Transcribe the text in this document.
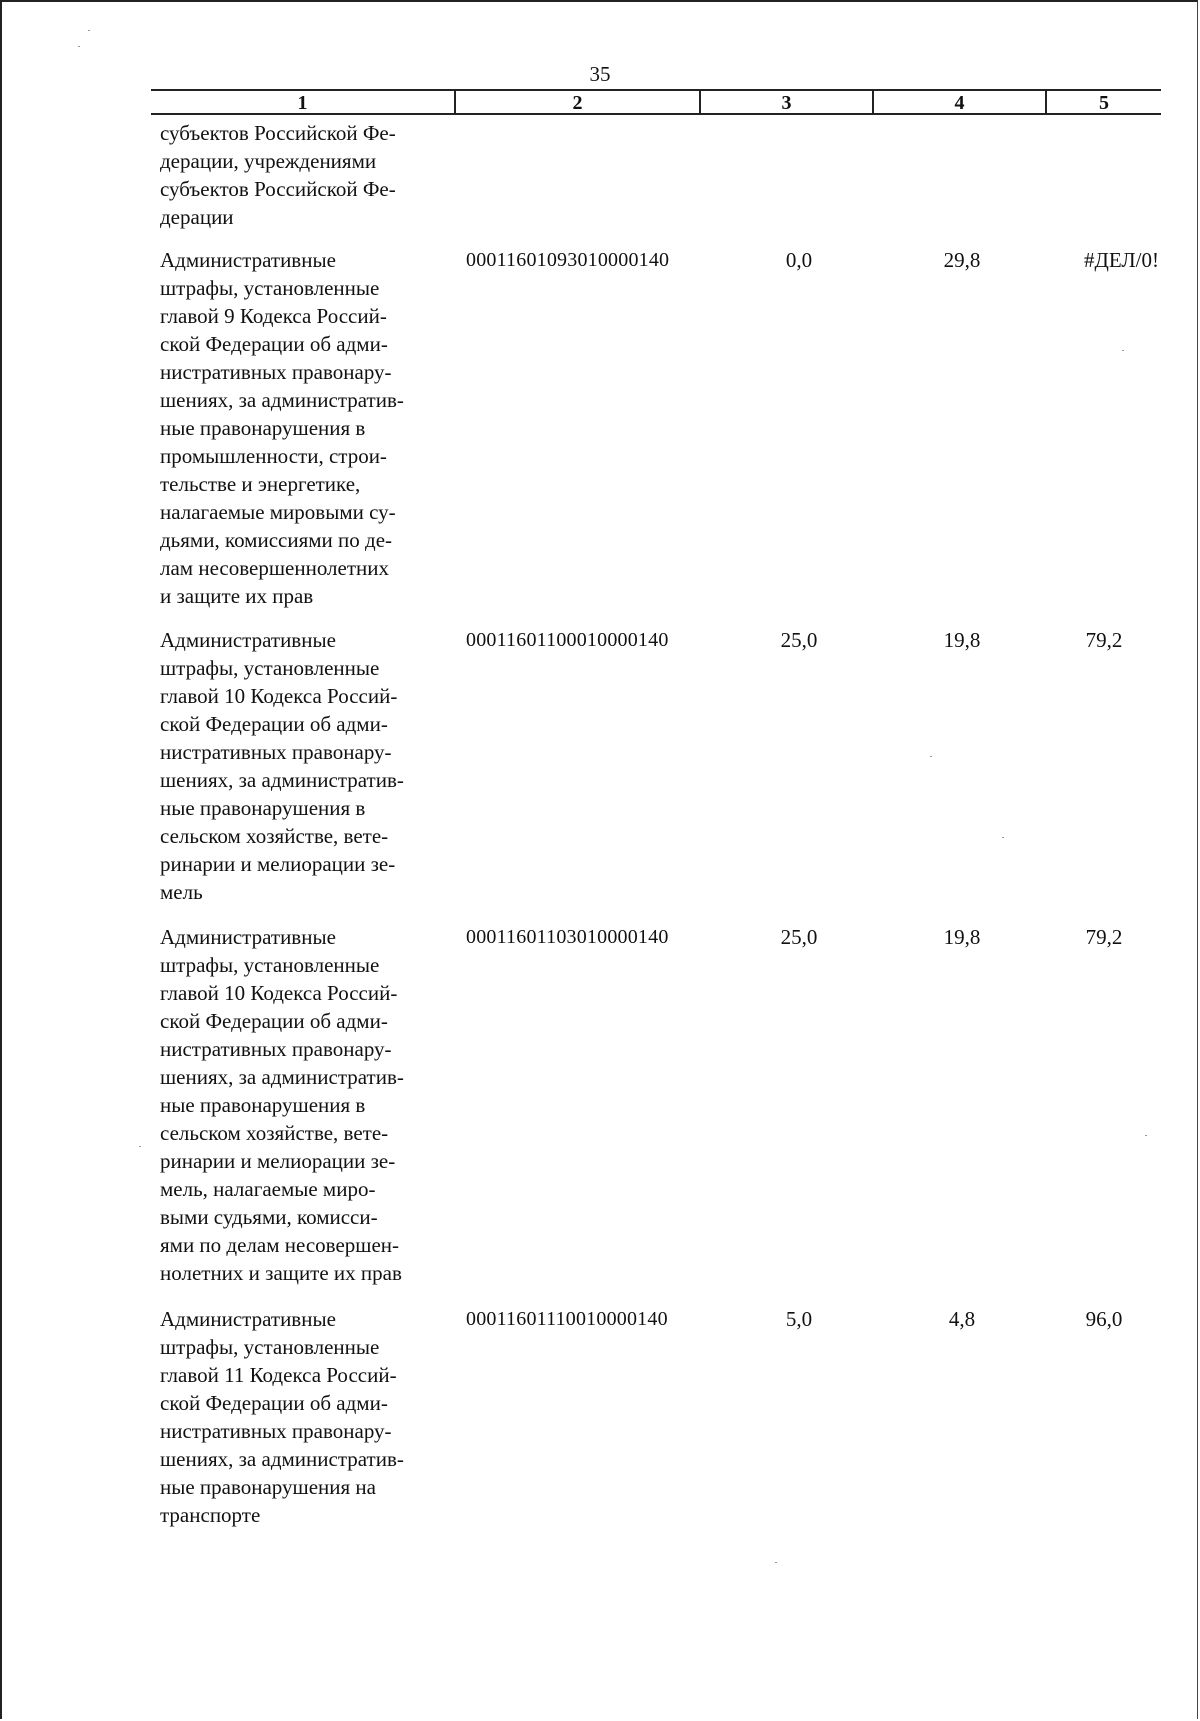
35
1	2	3	4	5
субъектов Российской Фе-
дерации, учреждениями
субъектов Российской Фе-
дерации
Административные
штрафы, установленные
главой 9 Кодекса Россий-
ской Федерации об адми-
нистративных правонару-
шениях, за административ-
ные правонарушения в
промышленности, строи-
тельстве и энергетике,
налагаемые мировыми су-
дьями, комиссиями по де-
лам несовершеннолетних
и защите их прав
00011601093010000140	0,0	29,8	#ДЕЛ/0!
Административные
штрафы, установленные
главой 10 Кодекса Россий-
ской Федерации об адми-
нистративных правонару-
шениях, за административ-
ные правонарушения в
сельском хозяйстве, вете-
ринарии и мелиорации зе-
мель
00011601100010000140	25,0	19,8	79,2
Административные
штрафы, установленные
главой 10 Кодекса Россий-
ской Федерации об адми-
нистративных правонару-
шениях, за административ-
ные правонарушения в
сельском хозяйстве, вете-
ринарии и мелиорации зе-
мель, налагаемые миро-
выми судьями, комисси-
ями по делам несовершен-
нолетних и защите их прав
00011601103010000140	25,0	19,8	79,2
Административные
штрафы, установленные
главой 11 Кодекса Россий-
ской Федерации об адми-
нистративных правонару-
шениях, за административ-
ные правонарушения на
транспорте
00011601110010000140	5,0	4,8	96,0
